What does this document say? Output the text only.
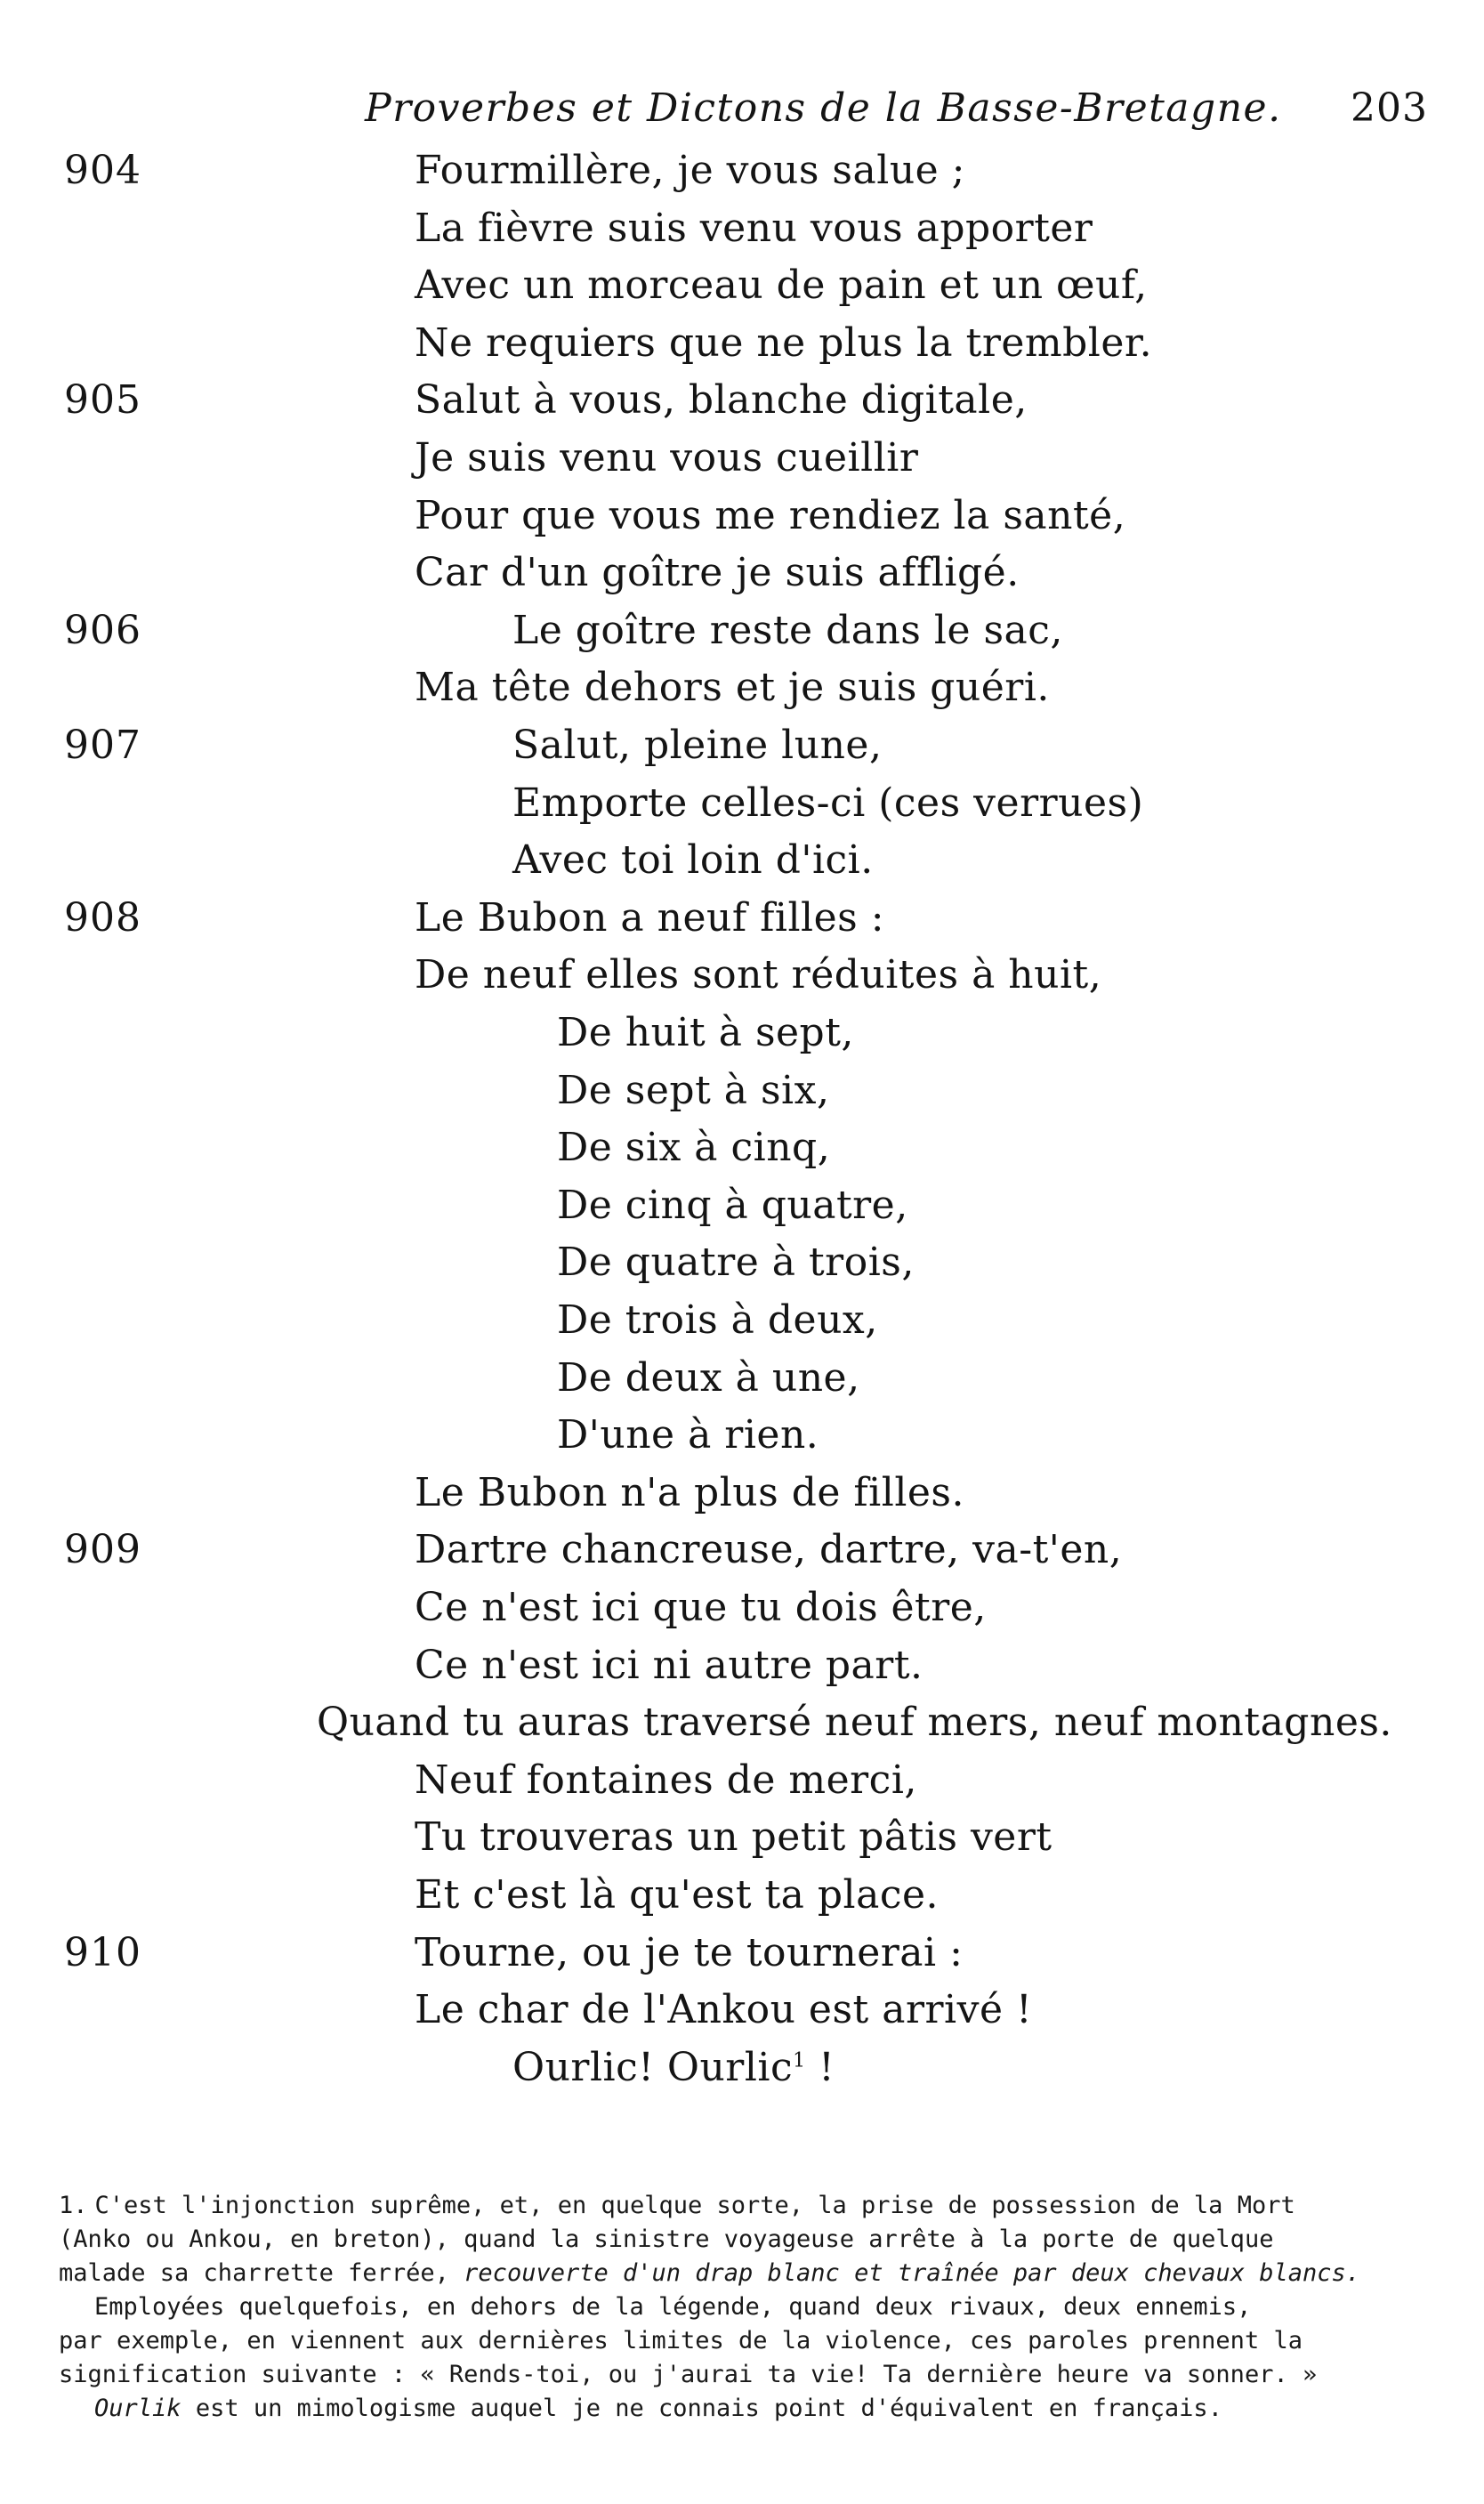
Proverbes et Dictons de la Basse-Bretagne. 203
904	Fourmillère, je vous salue ;
La fièvre suis venu vous apporter
Avec un morceau de pain et un œuf,
Ne requiers que ne plus la trembler.
905	Salut à vous, blanche digitale,
Je suis venu vous cueillir
Pour que vous me rendiez la santé,
Car d'un goître je suis affligé.
906	Le goître reste dans le sac,
Ma tête dehors et je suis guéri.
907	Salut, pleine lune,
Emporte celles-ci (ces verrues)
Avec toi loin d'ici.
908	Le Bubon a neuf filles :
De neuf elles sont réduites à huit,
De huit à sept,
De sept à six,
De six à cinq,
De cinq à quatre,
De quatre à trois,
De trois à deux,
De deux à une,
D'une à rien.
Le Bubon n'a plus de filles.
909	Dartre chancreuse, dartre, va-t'en,
Ce n'est ici que tu dois être,
Ce n'est ici ni autre part.
Quand tu auras traversé neuf mers, neuf montagnes.
Neuf fontaines de merci,
Tu trouveras un petit pâtis vert
Et c'est là qu'est ta place.
910	Tourne, ou je te tournerai :
Le char de l'Ankou est arrivé !
Ourlic! Ourlic$^1$ !

1. C'est l'injonction suprême, et, en quelque sorte, la prise de possession de la Mort

(Anko ou Ankou, en breton), quand la sinistre voyageuse arrête à la porte de quelque

malade sa charrette ferrée, recouverte d'un drap blanc et traînée par deux chevaux blancs.

Employées quelquefois, en dehors de la légende, quand deux rivaux, deux ennemis,

par exemple, en viennent aux dernières limites de la violence, ces paroles prennent la

signification suivante : « Rends-toi, ou j'aurai ta vie! Ta dernière heure va sonner. »

Ourlik est un mimologisme auquel je ne connais point d'équivalent en français.
